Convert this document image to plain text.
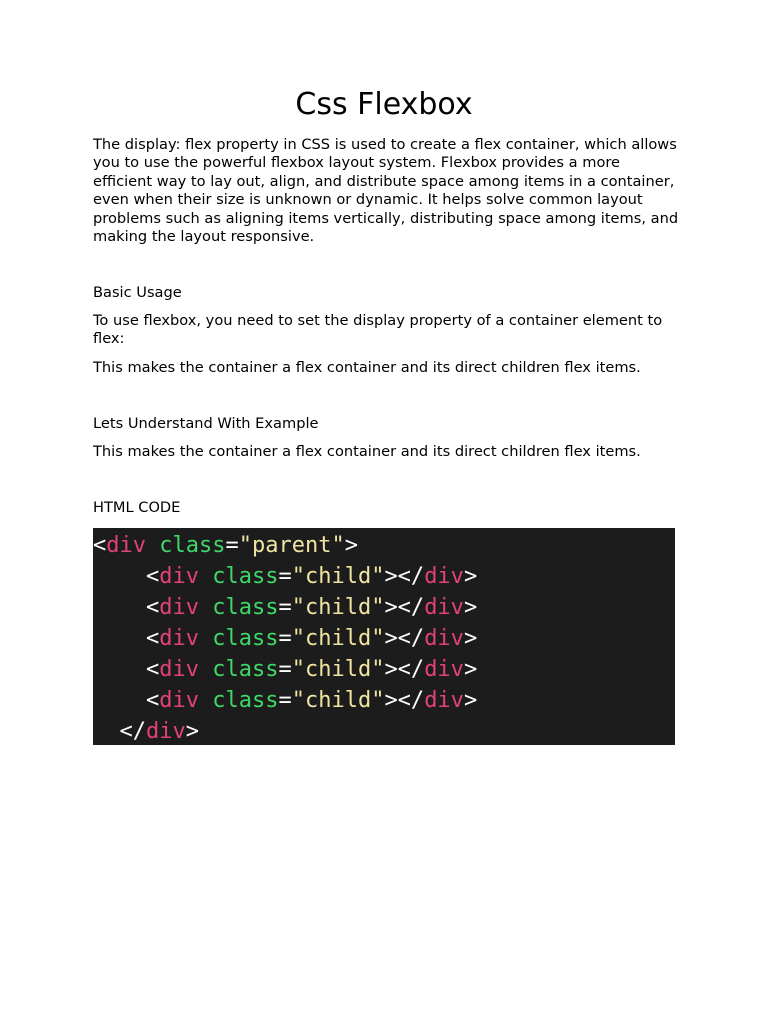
Css Flexbox

The display: flex property in CSS is used to create a flex container, which allows you to use the powerful flexbox layout system. Flexbox provides a more efficient way to lay out, align, and distribute space among items in a container, even when their size is unknown or dynamic. It helps solve common layout problems such as aligning items vertically, distributing space among items, and making the layout responsive.

Basic Usage

To use flexbox, you need to set the display property of a container element to flex:

This makes the container a flex container and its direct children flex items.

Lets Understand With Example

This makes the container a flex container and its direct children flex items.

HTML CODE

<div class="parent">
<div class="child"></div>
<div class="child"></div>
<div class="child"></div>
<div class="child"></div>
<div class="child"></div>
</div>
